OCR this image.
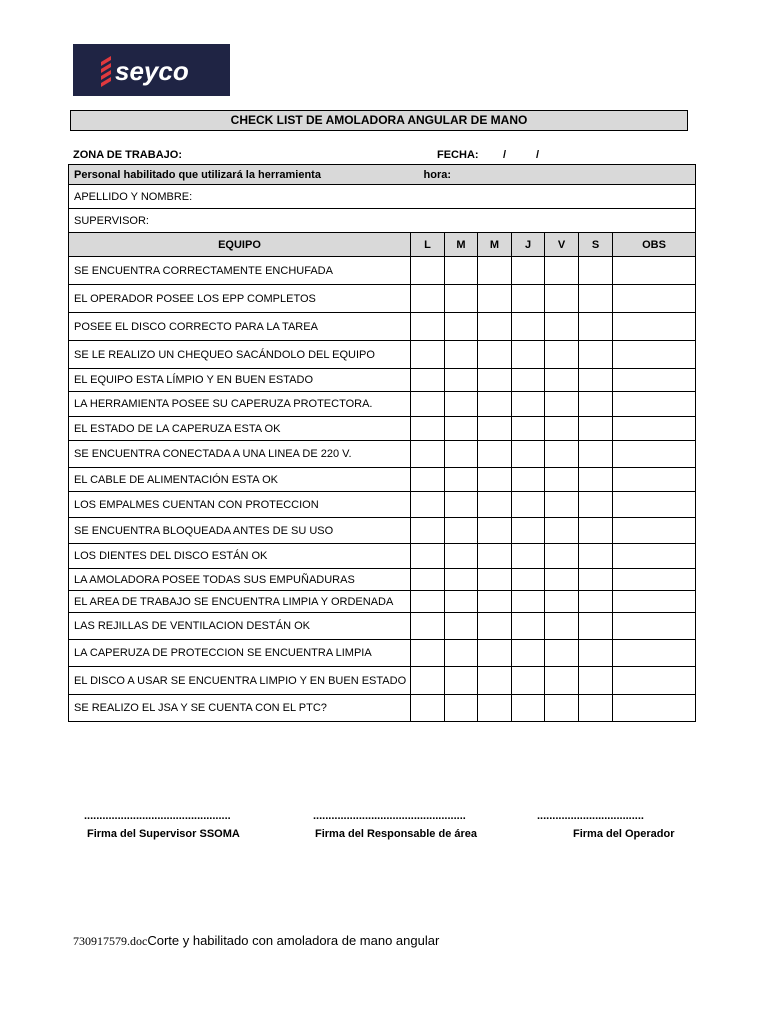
seyco
CHECK LIST DE AMOLADORA ANGULAR DE MANO
ZONA DE TRABAJO:	FECHA: /	/
Personal habilitado que utilizará la herramienta hora:							

APELLIDO Y NOMBRE:							
SUPERVISOR:							
EQUIPO	L	M	M	J	V	S	OBS
SE ENCUENTRA CORRECTAMENTE ENCHUFADA							
EL OPERADOR POSEE LOS EPP COMPLETOS							
POSEE EL DISCO CORRECTO PARA LA TAREA							
SE LE REALIZO UN CHEQUEO SACÁNDOLO DEL EQUIPO							
EL EQUIPO ESTA LÍMPIO Y EN BUEN ESTADO							
LA HERRAMIENTA POSEE SU CAPERUZA PROTECTORA.							
EL ESTADO DE LA CAPERUZA ESTA OK							
SE ENCUENTRA CONECTADA A UNA LINEA DE 220 V.							
EL CABLE DE ALIMENTACIÓN ESTA OK							
LOS EMPALMES CUENTAN CON PROTECCION							
SE ENCUENTRA BLOQUEADA ANTES DE SU USO							
LOS DIENTES DEL DISCO ESTÁN OK							
LA AMOLADORA POSEE TODAS SUS EMPUÑADURAS							
EL AREA DE TRABAJO SE ENCUENTRA LIMPIA Y ORDENADA							
LAS REJILLAS DE VENTILACION DESTÁN OK							
LA CAPERUZA DE PROTECCION SE ENCUENTRA LIMPIA							
EL DISCO A USAR SE ENCUENTRA LIMPIO Y EN BUEN ESTADO							
SE REALIZO EL JSA Y SE CUENTA CON EL PTC?							
................................................	..................................................	...................................
Firma del Supervisor SSOMA	Firma del Responsable de área	Firma del Operador
730917579.docCorte y habilitado con amoladora de mano angular
